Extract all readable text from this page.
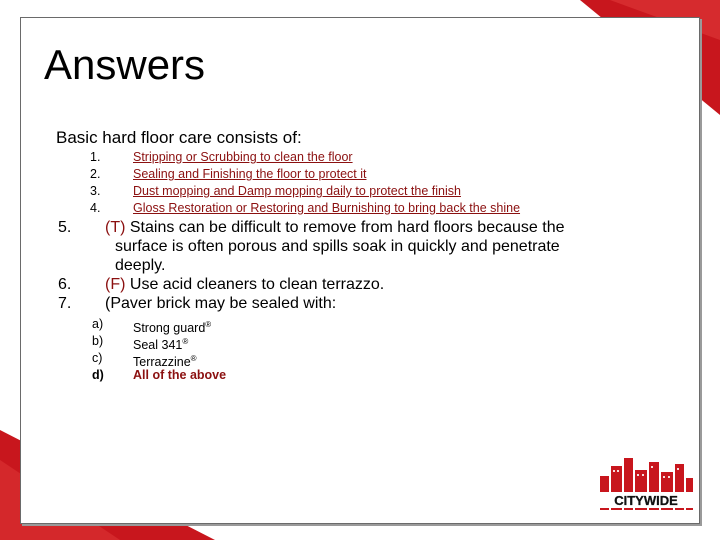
Answers
Basic hard floor care consists of:
1.	Stripping or Scrubbing to clean the floor
2.	Sealing and Finishing the floor to protect it
3.	Dust mopping and Damp mopping daily to protect the finish
4.	Gloss Restoration or Restoring and Burnishing to bring back the shine
5. (T) Stains can be difficult to remove from hard floors because the
surface is often porous and spills soak in quickly and penetrate
deeply.
6. (F) Use acid cleaners to clean terrazzo.
7. (Paver brick may be sealed with:
a) Strong guard®
b) Seal 341®
c) Terrazzine®
d) All of the above
CITYWIDE
